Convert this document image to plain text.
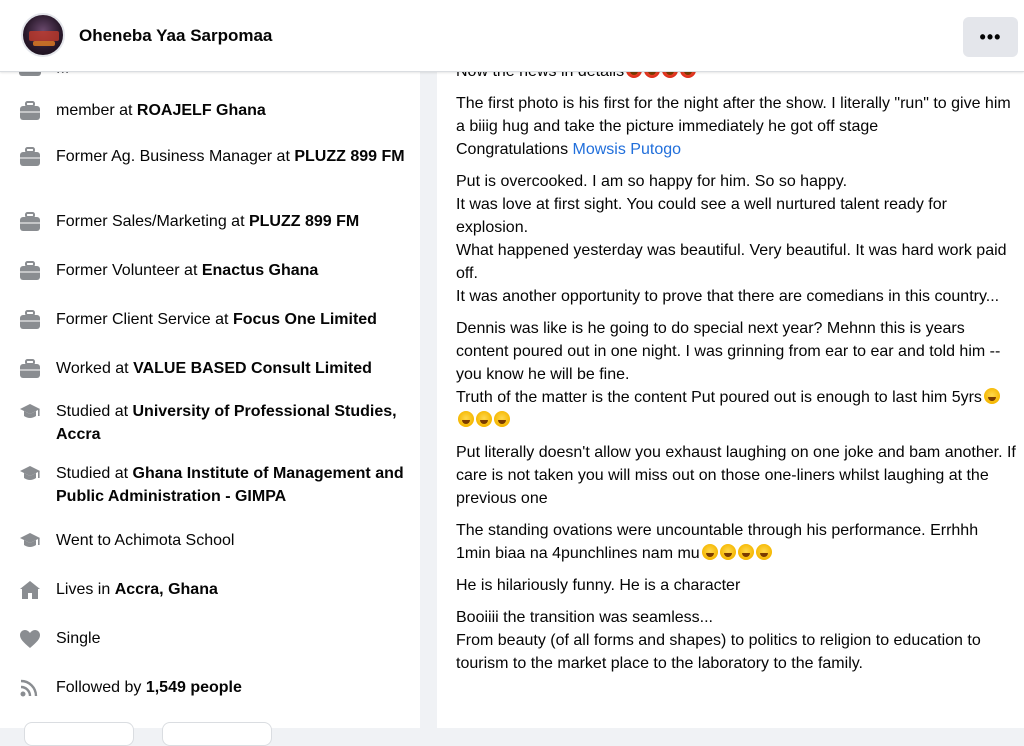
Oheneba Yaa Sarpomaa	•••
member at ROAJELF Ghana
Former Ag. Business Manager at PLUZZ 899 FM
Former Sales/Marketing at PLUZZ 899 FM
Former Volunteer at Enactus Ghana
Former Client Service at Focus One Limited
Worked at VALUE BASED Consult Limited
Studied at University of Professional Studies, Accra
Studied at Ghana Institute of Management and Public Administration - GIMPA
Went to Achimota School
Lives in Accra, Ghana
Single
Followed by 1,549 people

The first photo is his first for the night after the show. I literally "run" to give him a biiig hug and take the picture immediately he got off stage
Congratulations Mowsis Putogo

Put is overcooked. I am so happy for him. So so happy.
It was love at first sight. You could see a well nurtured talent ready for explosion.
What happened yesterday was beautiful. Very beautiful. It was hard work paid off.
It was another opportunity to prove that there are comedians in this country...

Dennis was like is he going to do special next year? Mehnn this is years content poured out in one night. I was grinning from ear to ear and told him -- you know he will be fine.
Truth of the matter is the content Put poured out is enough to last him 5yrs

Put literally doesn't allow you exhaust laughing on one joke and bam another. If care is not taken you will miss out on those one-liners whilst laughing at the previous one

The standing ovations were uncountable through his performance. Errhhh 1min biaa na 4punchlines nam mu

He is hilariously funny. He is a character

Booiiii the transition was seamless...
From beauty (of all forms and shapes) to politics to religion to education to tourism to the market place to the laboratory to the family.
